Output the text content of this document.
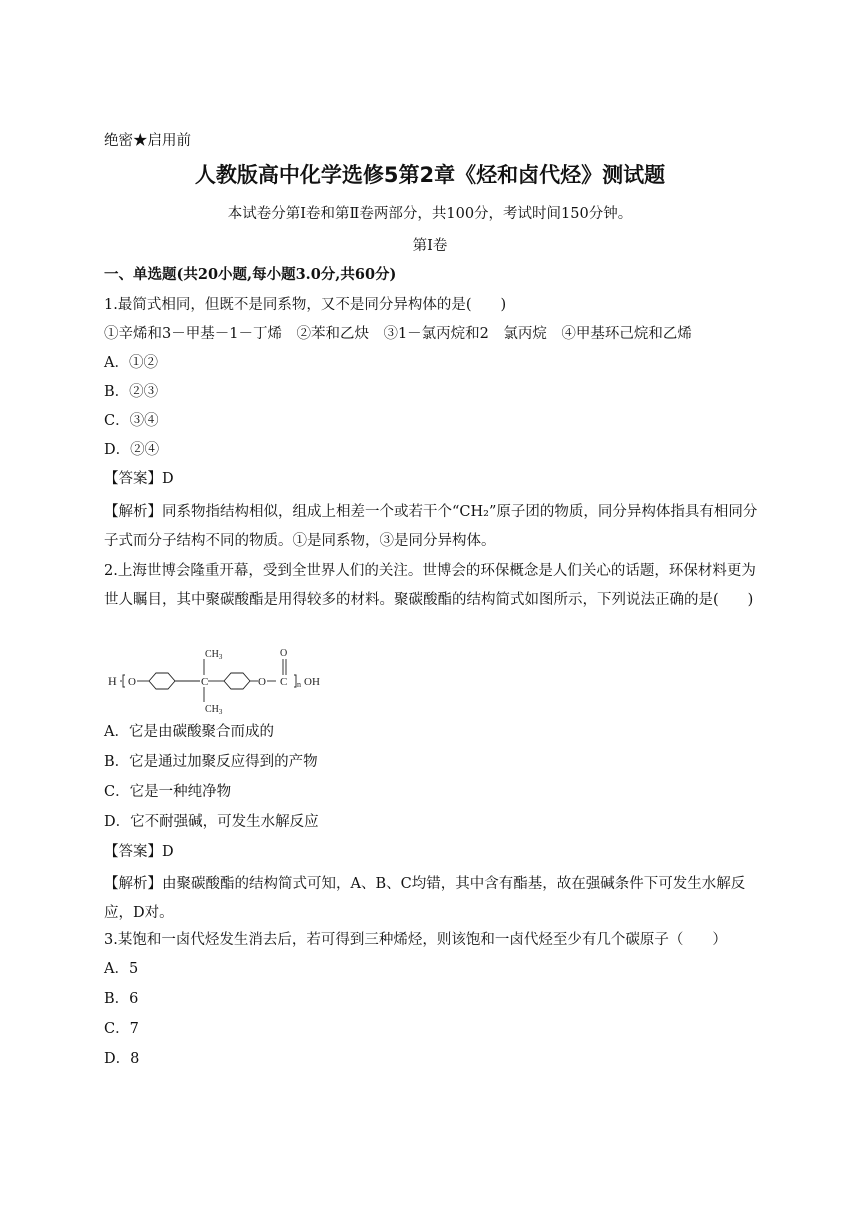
绝密★启用前
人教版高中化学选修5第2章《烃和卤代烃》测试题
本试卷分第Ⅰ卷和第Ⅱ卷两部分，共100分，考试时间150分钟。
第Ⅰ卷
一、单选题(共20小题,每小题3.0分,共60分)
1.最简式相同，但既不是同系物，又不是同分异构体的是(　　)
①辛烯和3－甲基－1－丁烯　②苯和乙炔　③1－氯丙烷和2　氯丙烷　④甲基环己烷和乙烯
A．①②
B．②③
C．③④
D．②④
【答案】D
【解析】同系物指结构相似，组成上相差一个或若干个“CH₂”原子团的物质，同分异构体指具有相同分子式而分子结构不同的物质。①是同系物，③是同分异构体。
2.上海世博会隆重开幕，受到全世界人们的关注。世博会的环保概念是人们关心的话题，环保材料更为世人瞩目，其中聚碳酸酯是用得较多的材料。聚碳酸酯的结构简式如图所示，下列说法正确的是(　　)
H O	C
$CH_3$
$CH_3$
O
O
C n OH
A．它是由碳酸聚合而成的
B．它是通过加聚反应得到的产物
C．它是一种纯净物
D．它不耐强碱，可发生水解反应
【答案】D
【解析】由聚碳酸酯的结构简式可知，A、B、C均错，其中含有酯基，故在强碱条件下可发生水解反应，D对。
3.某饱和一卤代烃发生消去后，若可得到三种烯烃，则该饱和一卤代烃至少有几个碳原子（　　）
A．5
B．6
C．7
D．8
